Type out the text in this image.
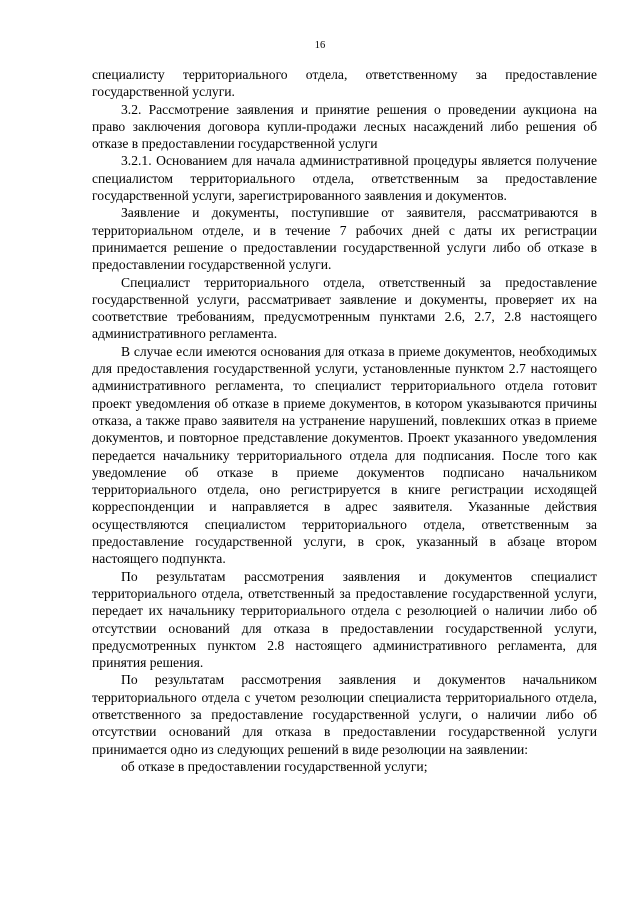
16

специалисту территориального отдела, ответственному за предоставление государственной услуги.

3.2. Рассмотрение заявления и принятие решения о проведении аукциона на право заключения договора купли-продажи лесных насаждений либо решения об отказе в предоставлении государственной услуги

3.2.1. Основанием для начала административной процедуры является получение специалистом территориального отдела, ответственным за предоставление государственной услуги, зарегистрированного заявления и документов.

Заявление и документы, поступившие от заявителя, рассматриваются в территориальном отделе, и в течение 7 рабочих дней с даты их регистрации принимается решение о предоставлении государственной услуги либо об отказе в предоставлении государственной услуги.

Специалист территориального отдела, ответственный за предоставление государственной услуги, рассматривает заявление и документы, проверяет их на соответствие требованиям, предусмотренным пунктами 2.6, 2.7, 2.8 настоящего административного регламента.

В случае если имеются основания для отказа в приеме документов, необходимых для предоставления государственной услуги, установленные пунктом 2.7 настоящего административного регламента, то специалист территориального отдела готовит проект уведомления об отказе в приеме документов, в котором указываются причины отказа, а также право заявителя на устранение нарушений, повлекших отказ в приеме документов, и повторное представление документов. Проект указанного уведомления передается начальнику территориального отдела для подписания. После того как уведомление об отказе в приеме документов подписано начальником территориального отдела, оно регистрируется в книге регистрации исходящей корреспонденции и направляется в адрес заявителя. Указанные действия осуществляются специалистом территориального отдела, ответственным за предоставление государственной услуги, в срок, указанный в абзаце втором настоящего подпункта.

По результатам рассмотрения заявления и документов специалист территориального отдела, ответственный за предоставление государственной услуги, передает их начальнику территориального отдела с резолюцией о наличии либо об отсутствии оснований для отказа в предоставлении государственной услуги, предусмотренных пунктом 2.8 настоящего административного регламента, для принятия решения.

По результатам рассмотрения заявления и документов начальником территориального отдела с учетом резолюции специалиста территориального отдела, ответственного за предоставление государственной услуги, о наличии либо об отсутствии оснований для отказа в предоставлении государственной услуги принимается одно из следующих решений в виде резолюции на заявлении:

об отказе в предоставлении государственной услуги;
